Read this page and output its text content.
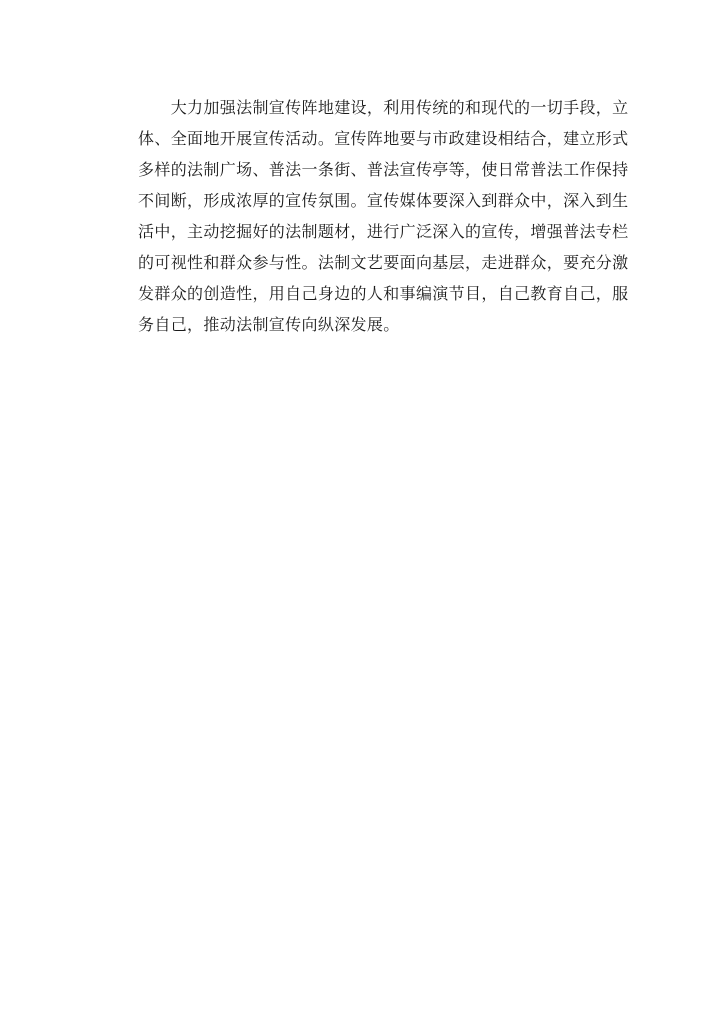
　　大力加强法制宣传阵地建设，利用传统的和现代的一切手段，立
体、全面地开展宣传活动。宣传阵地要与市政建设相结合，建立形式
多样的法制广场、普法一条街、普法宣传亭等，使日常普法工作保持
不间断，形成浓厚的宣传氛围。宣传媒体要深入到群众中，深入到生
活中，主动挖掘好的法制题材，进行广泛深入的宣传，增强普法专栏
的可视性和群众参与性。法制文艺要面向基层，走进群众，要充分激
发群众的创造性，用自己身边的人和事编演节目，自己教育自己，服
务自己，推动法制宣传向纵深发展。
